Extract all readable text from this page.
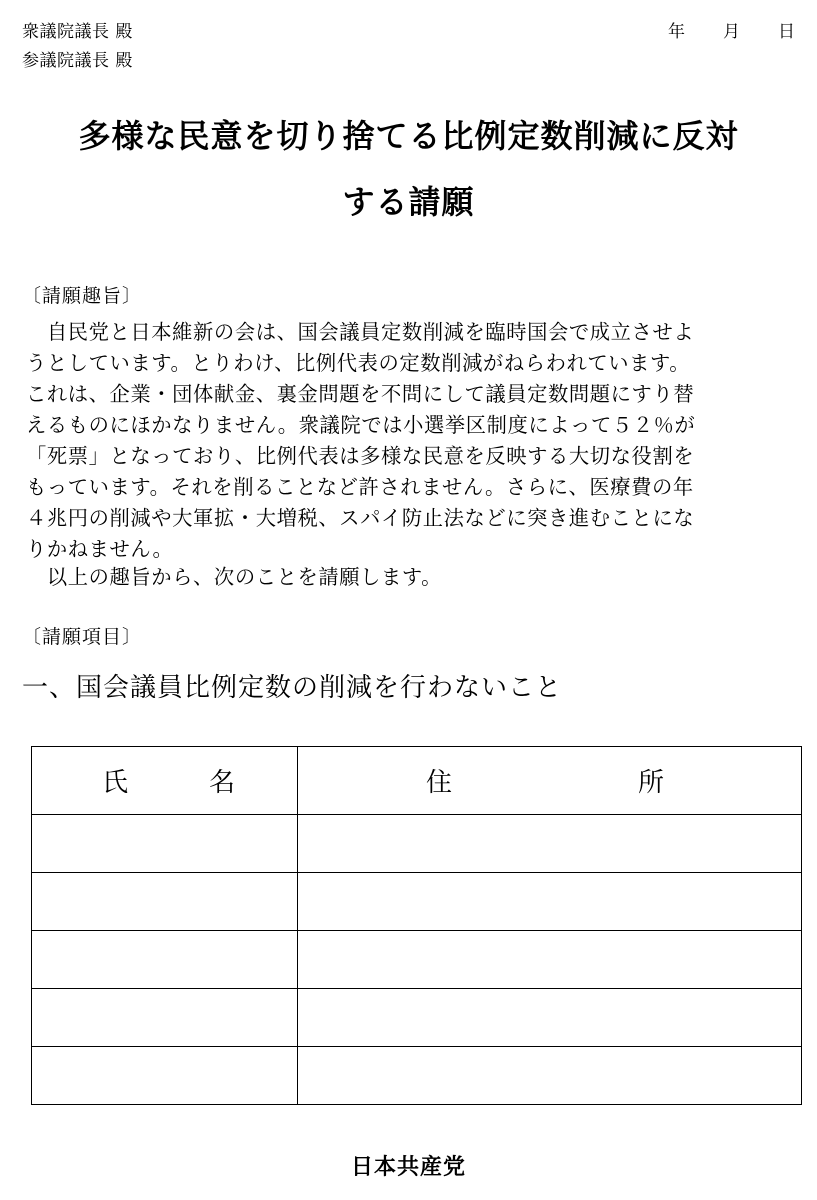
衆議院議長 殿
参議院議長 殿
年 月 日
多様な民意を切り捨てる比例定数削減に反対
する請願
〔請願趣旨〕
　自民党と日本維新の会は、国会議員定数削減を臨時国会で成立させよ
うとしています。とりわけ、比例代表の定数削減がねらわれています。
これは、企業・団体献金、裏金問題を不問にして議員定数問題にすり替
えるものにほかなりません。衆議院では小選挙区制度によって５２％が
「死票」となっており、比例代表は多様な民意を反映する大切な役割を
もっています。それを削ることなど許されません。さらに、医療費の年
４兆円の削減や大軍拡・大増税、スパイ防止法などに突き進むことにな
りかねません。
　以上の趣旨から、次のことを請願します。
〔請願項目〕
一、国会議員比例定数の削減を行わないこと
氏 名	住 所

日本共産党
